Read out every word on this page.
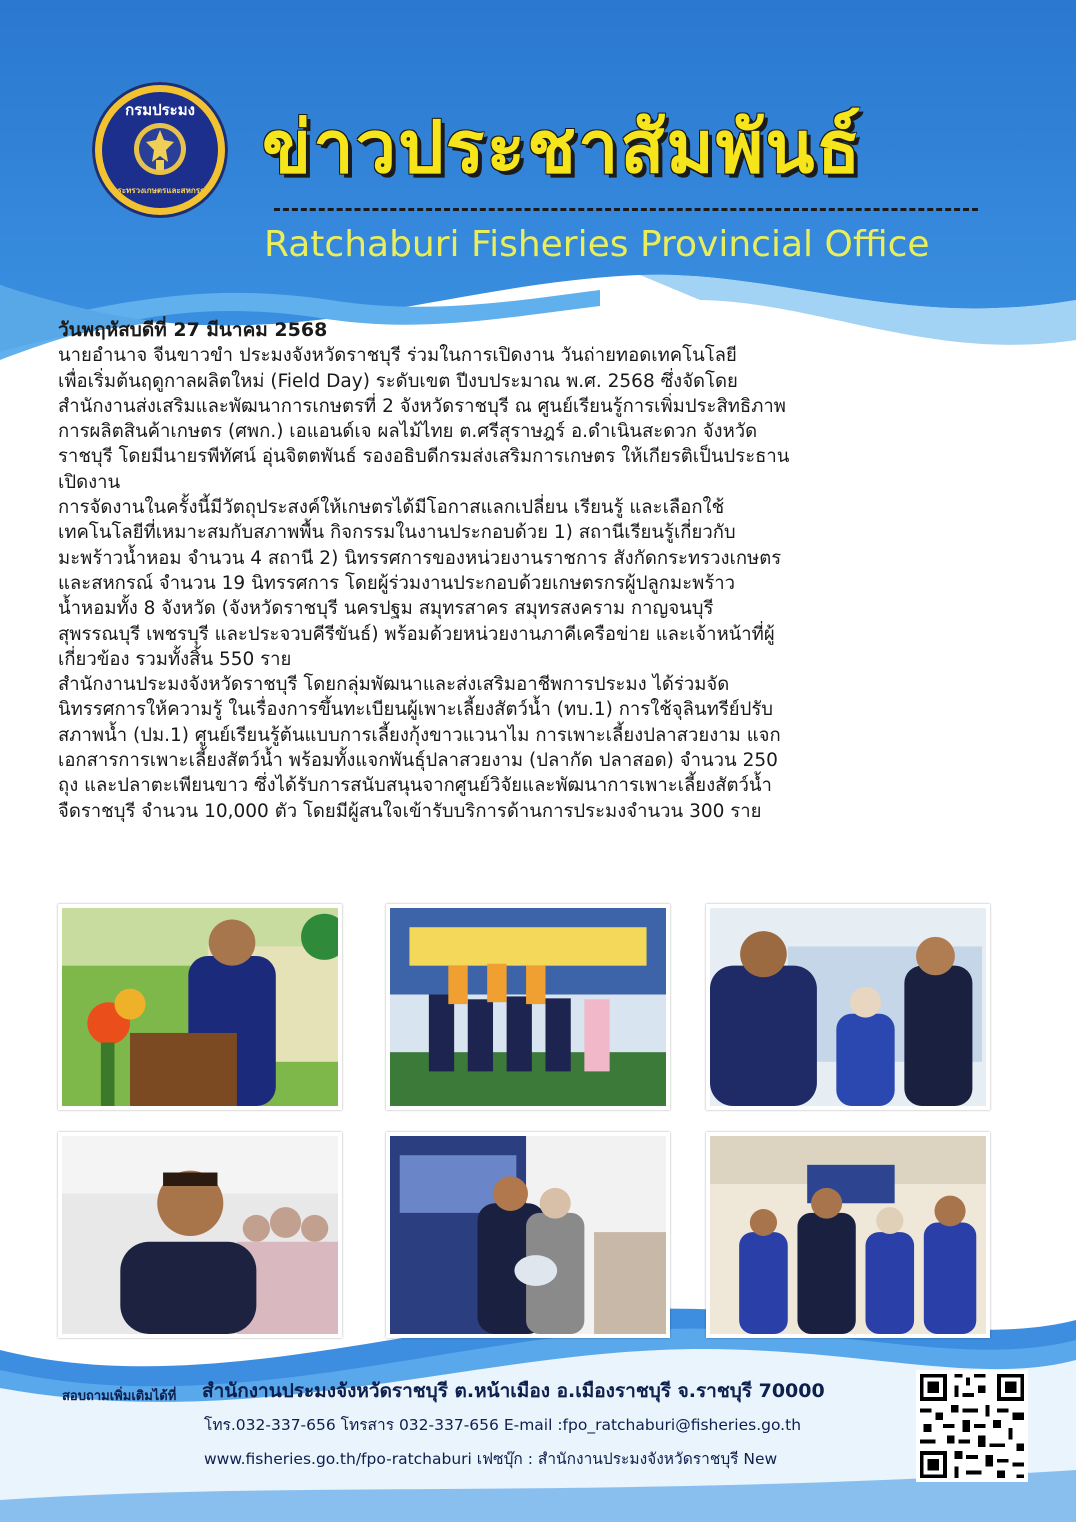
กรมประมง
กระทรวงเกษตรและสหกรณ์
ข่าวประชาสัมพันธ์
Ratchaburi Fisheries Provincial Office
วันพฤหัสบดีที่ 27 มีนาคม 2568
นายอำนาจ จีนขาวขำ ประมงจังหวัดราชบุรี ร่วมในการเปิดงาน วันถ่ายทอดเทคโนโลยี
เพื่อเริ่มต้นฤดูกาลผลิตใหม่ (Field Day) ระดับเขต ปีงบประมาณ พ.ศ. 2568 ซึ่งจัดโดย
สำนักงานส่งเสริมและพัฒนาการเกษตรที่ 2 จังหวัดราชบุรี ณ ศูนย์เรียนรู้การเพิ่มประสิทธิภาพ
การผลิตสินค้าเกษตร (ศพก.) เอแอนด์เจ ผลไม้ไทย ต.ศรีสุราษฎร์ อ.ดำเนินสะดวก จังหวัด
ราชบุรี โดยมีนายรพีทัศน์ อุ่นจิตตพันธ์ รองอธิบดีกรมส่งเสริมการเกษตร ให้เกียรติเป็นประธาน
เปิดงาน
การจัดงานในครั้งนี้มีวัตถุประสงค์ให้เกษตรได้มีโอกาสแลกเปลี่ยน เรียนรู้ และเลือกใช้
เทคโนโลยีที่เหมาะสมกับสภาพพื้น กิจกรรมในงานประกอบด้วย 1) สถานีเรียนรู้เกี่ยวกับ
มะพร้าวน้ำหอม จำนวน 4 สถานี 2) นิทรรศการของหน่วยงานราชการ สังกัดกระทรวงเกษตร
และสหกรณ์ จำนวน 19 นิทรรศการ โดยผู้ร่วมงานประกอบด้วยเกษตรกรผู้ปลูกมะพร้าว
น้ำหอมทั้ง 8 จังหวัด (จังหวัดราชบุรี นครปฐม สมุทรสาคร สมุทรสงคราม กาญจนบุรี
สุพรรณบุรี เพชรบุรี และประจวบคีรีขันธ์) พร้อมด้วยหน่วยงานภาคีเครือข่าย และเจ้าหน้าที่ผู้
เกี่ยวข้อง รวมทั้งสิ้น 550 ราย
สำนักงานประมงจังหวัดราชบุรี โดยกลุ่มพัฒนาและส่งเสริมอาชีพการประมง ได้ร่วมจัด
นิทรรศการให้ความรู้ ในเรื่องการขึ้นทะเบียนผู้เพาะเลี้ยงสัตว์น้ำ (ทบ.1) การใช้จุลินทรีย์ปรับ
สภาพน้ำ (ปม.1) ศูนย์เรียนรู้ต้นแบบการเลี้ยงกุ้งขาวแวนาไม การเพาะเลี้ยงปลาสวยงาม แจก
เอกสารการเพาะเลี้ยงสัตว์น้ำ พร้อมทั้งแจกพันธุ์ปลาสวยงาม (ปลากัด ปลาสอด) จำนวน 250
ถุง และปลาตะเพียนขาว ซึ่งได้รับการสนับสนุนจากศูนย์วิจัยและพัฒนาการเพาะเลี้ยงสัตว์น้ำ
จืดราชบุรี จำนวน 10,000 ตัว โดยมีผู้สนใจเข้ารับบริการด้านการประมงจำนวน 300 ราย
สอบถามเพิ่มเติมได้ที่ สำนักงานประมงจังหวัดราชบุรี ต.หน้าเมือง อ.เมืองราชบุรี จ.ราชบุรี 70000
โทร.032-337-656 โทรสาร 032-337-656 E-mail :fpo_ratchaburi@fisheries.go.th
www.fisheries.go.th/fpo-ratchaburi เฟซบุ๊ก : สำนักงานประมงจังหวัดราชบุรี New
